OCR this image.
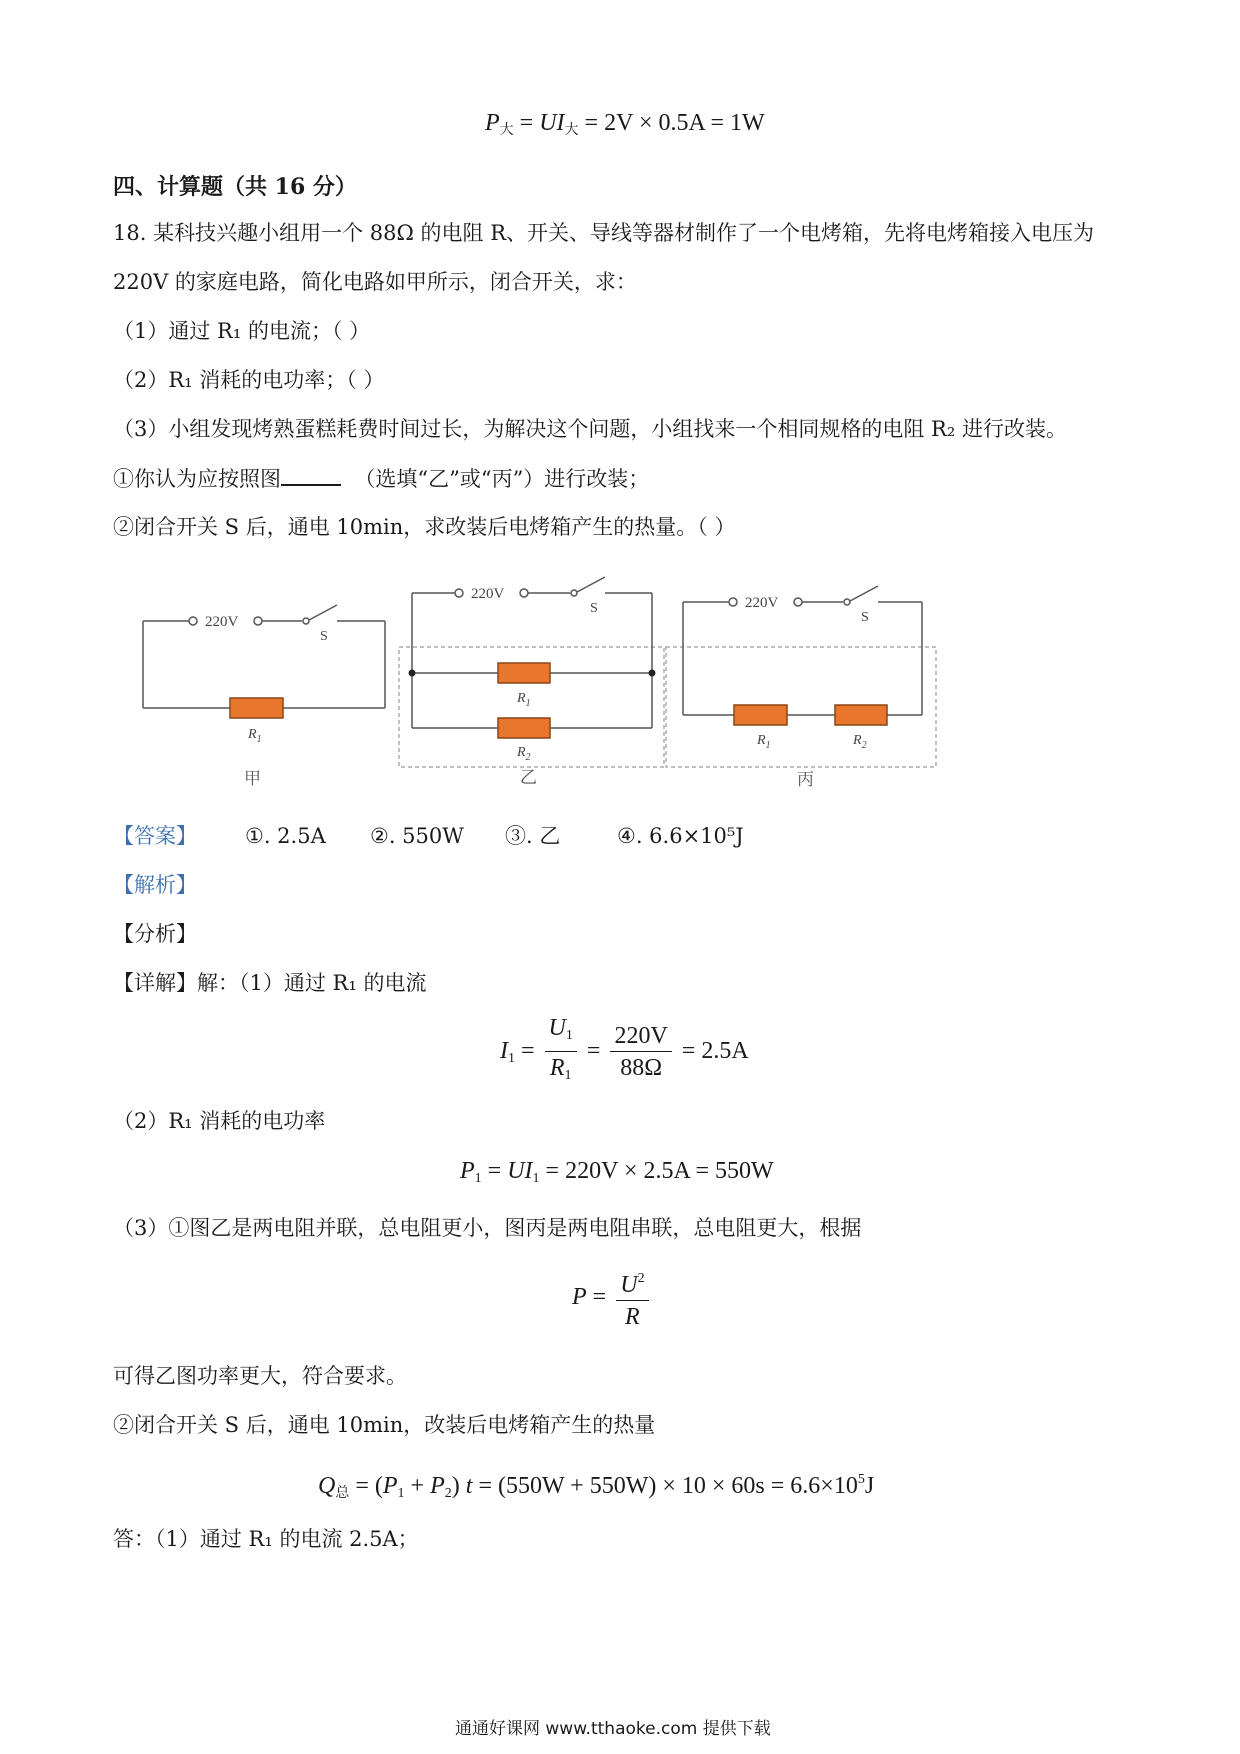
$P_大 = UI_大 = 2V \times 0.5A = 1W$
四、计算题（共 16 分）
18. 某科技兴趣小组用一个 88Ω 的电阻 R、开关、导线等器材制作了一个电烤箱，先将电烤箱接入电压为
220V 的家庭电路，简化电路如甲所示，闭合开关，求：
（1）通过 R₁ 的电流；（ ）
（2）R₁ 消耗的电功率；（ ）
（3）小组发现烤熟蛋糕耗费时间过长，为解决这个问题，小组找来一个相同规格的电阻 R₂ 进行改装。
①你认为应按照图	（选填“乙”或“丙”）进行改装；
②闭合开关 S 后，通电 10min，求改装后电烤箱产生的热量。（ ）
220V
S
$R_1$
甲
220V
S
$R_1$
$R_2$
乙
220V
S
$R_1$	$R_2$
丙
【答案】 ①. 2.5A ②. 550W ③. 乙	④. 6.6×10⁵J
【解析】
【分析】
【详解】解：（1）通过 R₁ 的电流
$I_1 = \frac{U_1}{R_1} = \frac{220V}{88\Omega} = 2.5A$
（2）R₁ 消耗的电功率
$P_1 = UI_1 = 220V \times 2.5A = 550W$
（3）①图乙是两电阻并联，总电阻更小，图丙是两电阻串联，总电阻更大，根据
$P = \frac{U^2}{R}$
可得乙图功率更大，符合要求。
②闭合开关 S 后，通电 10min，改装后电烤箱产生的热量
$Q_总 = (P_1 + P_2) t = (550W + 550W) \times 10 \times 60s = 6.6\times 10^5J$
答：（1）通过 R₁ 的电流 2.5A；
通通好课网 www.tthaoke.com 提供下载
